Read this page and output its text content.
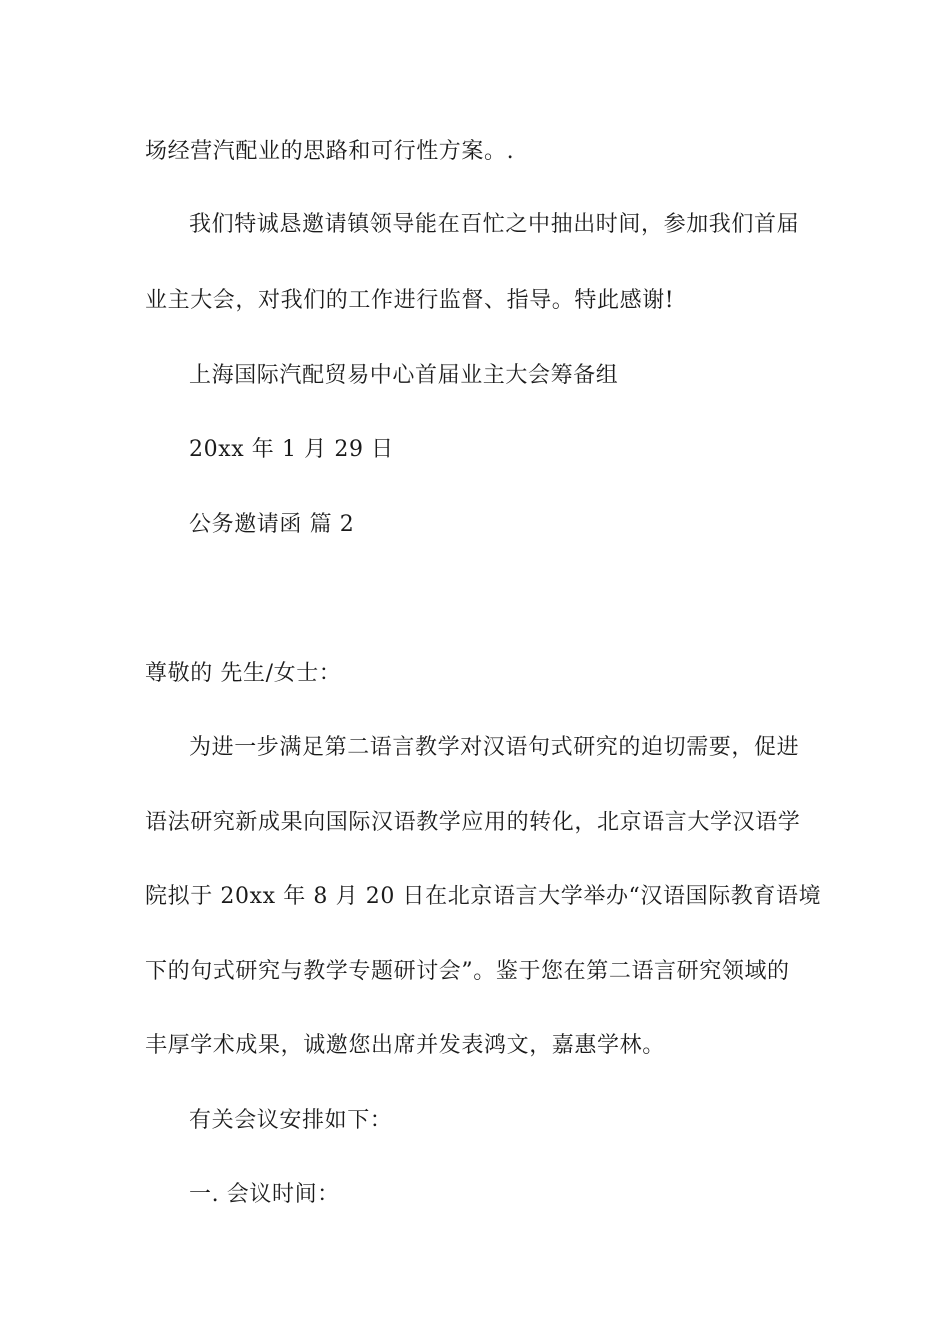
场经营汽配业的思路和可行性方案。.
我们特诚恳邀请镇领导能在百忙之中抽出时间，参加我们首届
业主大会，对我们的工作进行监督、指导。特此感谢!
上海国际汽配贸易中心首届业主大会筹备组
20xx 年 1 月 29 日
公务邀请函 篇 2
尊敬的 先生/女士：
为进一步满足第二语言教学对汉语句式研究的迫切需要，促进
语法研究新成果向国际汉语教学应用的转化，北京语言大学汉语学
院拟于 20xx 年 8 月 20 日在北京语言大学举办“汉语国际教育语境
下的句式研究与教学专题研讨会”。鉴于您在第二语言研究领域的
丰厚学术成果，诚邀您出席并发表鸿文，嘉惠学林。
有关会议安排如下：
一. 会议时间：
